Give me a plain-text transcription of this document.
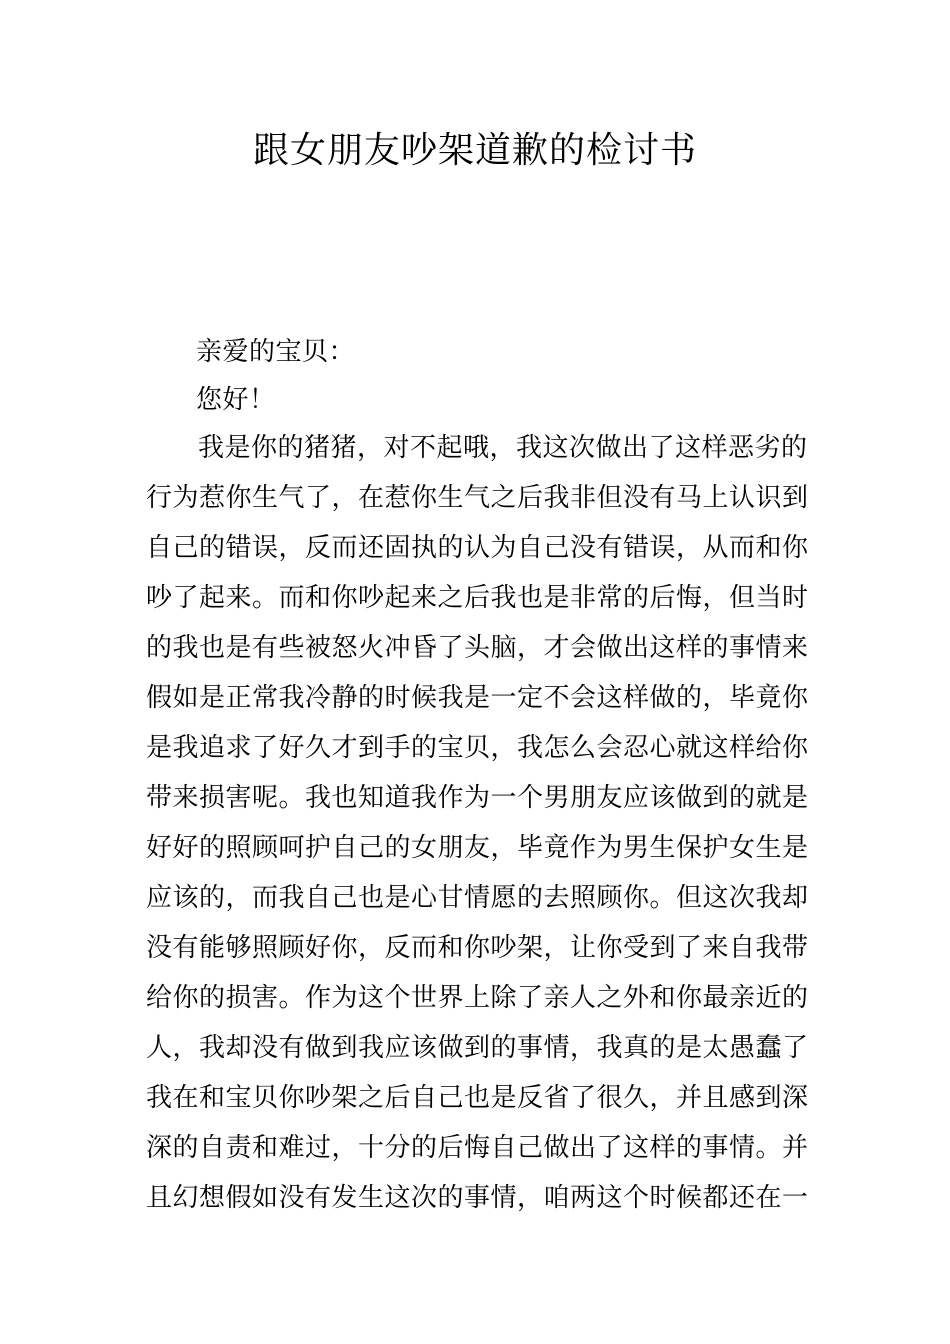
跟女朋友吵架道歉的检讨书
亲爱的宝贝：
您好！
我是你的猪猪，对不起哦，我这次做出了这样恶劣的
行为惹你生气了，在惹你生气之后我非但没有马上认识到
自己的错误，反而还固执的认为自己没有错误，从而和你
吵了起来。而和你吵起来之后我也是非常的后悔，但当时
的我也是有些被怒火冲昏了头脑，才会做出这样的事情来
假如是正常我冷静的时候我是一定不会这样做的，毕竟你
是我追求了好久才到手的宝贝，我怎么会忍心就这样给你
带来损害呢。我也知道我作为一个男朋友应该做到的就是
好好的照顾呵护自己的女朋友，毕竟作为男生保护女生是
应该的，而我自己也是心甘情愿的去照顾你。但这次我却
没有能够照顾好你，反而和你吵架，让你受到了来自我带
给你的损害。作为这个世界上除了亲人之外和你最亲近的
人，我却没有做到我应该做到的事情，我真的是太愚蠢了
我在和宝贝你吵架之后自己也是反省了很久，并且感到深
深的自责和难过，十分的后悔自己做出了这样的事情。并
且幻想假如没有发生这次的事情，咱两这个时候都还在一
